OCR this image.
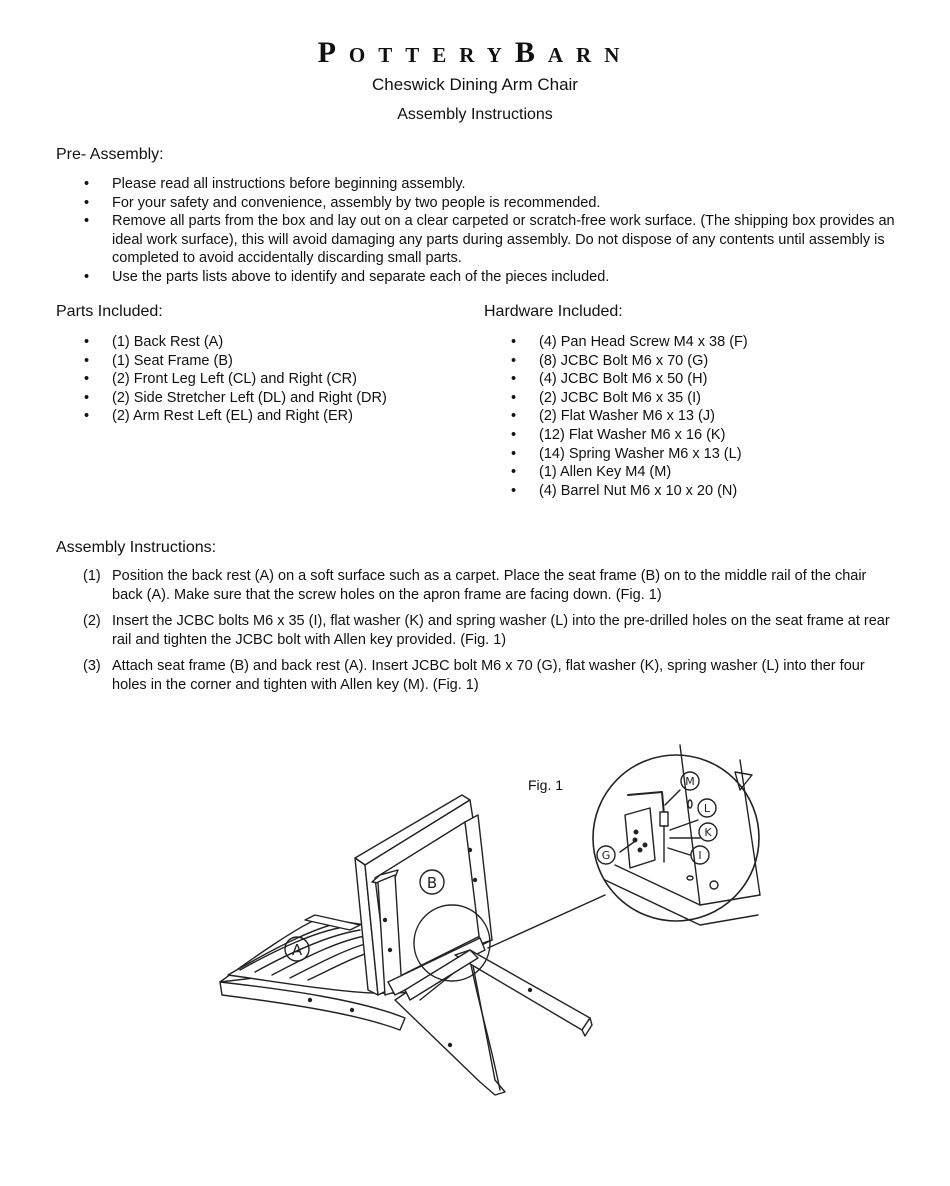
POTTERYBARN
Cheswick Dining Arm Chair
Assembly Instructions
Pre- Assembly:
• Please read all instructions before beginning assembly.
• For your safety and convenience, assembly by two people is recommended.
• Remove all parts from the box and lay out on a clear carpeted or scratch-free work surface. (The shipping box provides an ideal work surface), this will avoid damaging any parts during assembly. Do not dispose of any contents until assembly is completed to avoid accidentally discarding small parts.
• Use the parts lists above to identify and separate each of the pieces included.
Parts Included:
• (1) Back Rest (A)
• (1) Seat Frame (B)
• (2) Front Leg Left (CL) and Right (CR)
• (2) Side Stretcher Left (DL) and Right (DR)
• (2) Arm Rest Left (EL) and Right (ER)
Hardware Included:
• (4) Pan Head Screw M4 x 38 (F)
• (8) JCBC Bolt M6 x 70 (G)
• (4) JCBC Bolt M6 x 50 (H)
• (2) JCBC Bolt M6 x 35 (I)
• (2) Flat Washer M6 x 13 (J)
• (12) Flat Washer M6 x 16 (K)
• (14) Spring Washer M6 x 13 (L)
• (1) Allen Key M4 (M)
• (4) Barrel Nut M6 x 10 x 20 (N)
Assembly Instructions:
(1) Position the back rest (A) on a soft surface such as a carpet. Place the seat frame (B) on to the middle rail of the chair back (A). Make sure that the screw holes on the apron frame are facing down. (Fig. 1)
(2) Insert the JCBC bolts M6 x 35 (I), flat washer (K) and spring washer (L) into the pre-drilled holes on the seat frame at rear rail and tighten the JCBC bolt with Allen key provided. (Fig. 1)
(3) Attach seat frame (B) and back rest (A). Insert JCBC bolt M6 x 70 (G), flat washer (K), spring washer (L) into ther four holes in the corner and tighten with Allen key (M). (Fig. 1)
Fig. 1
A
B
M
L
K
G	I
